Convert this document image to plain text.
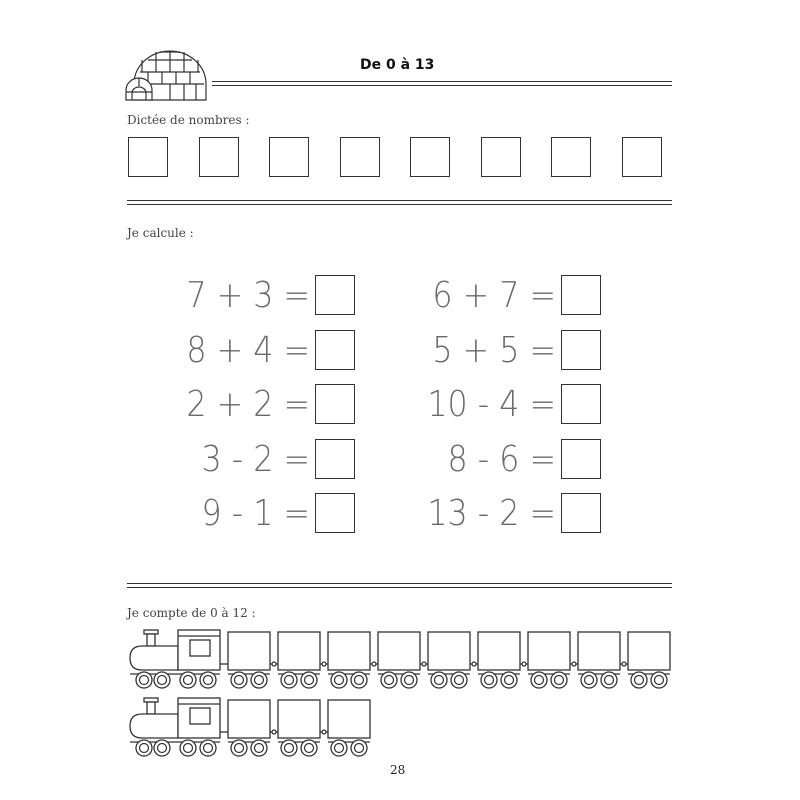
De 0 à 13
Dictée de nombres :
Je calcule :
7 + 3 =
8 + 4 =
2 + 2 =
3 - 2 =
9 - 1 =
6 + 7 =
5 + 5 =
10 - 4 =
8 - 6 =
13 - 2 =
Je compte de 0 à 12 :
28
